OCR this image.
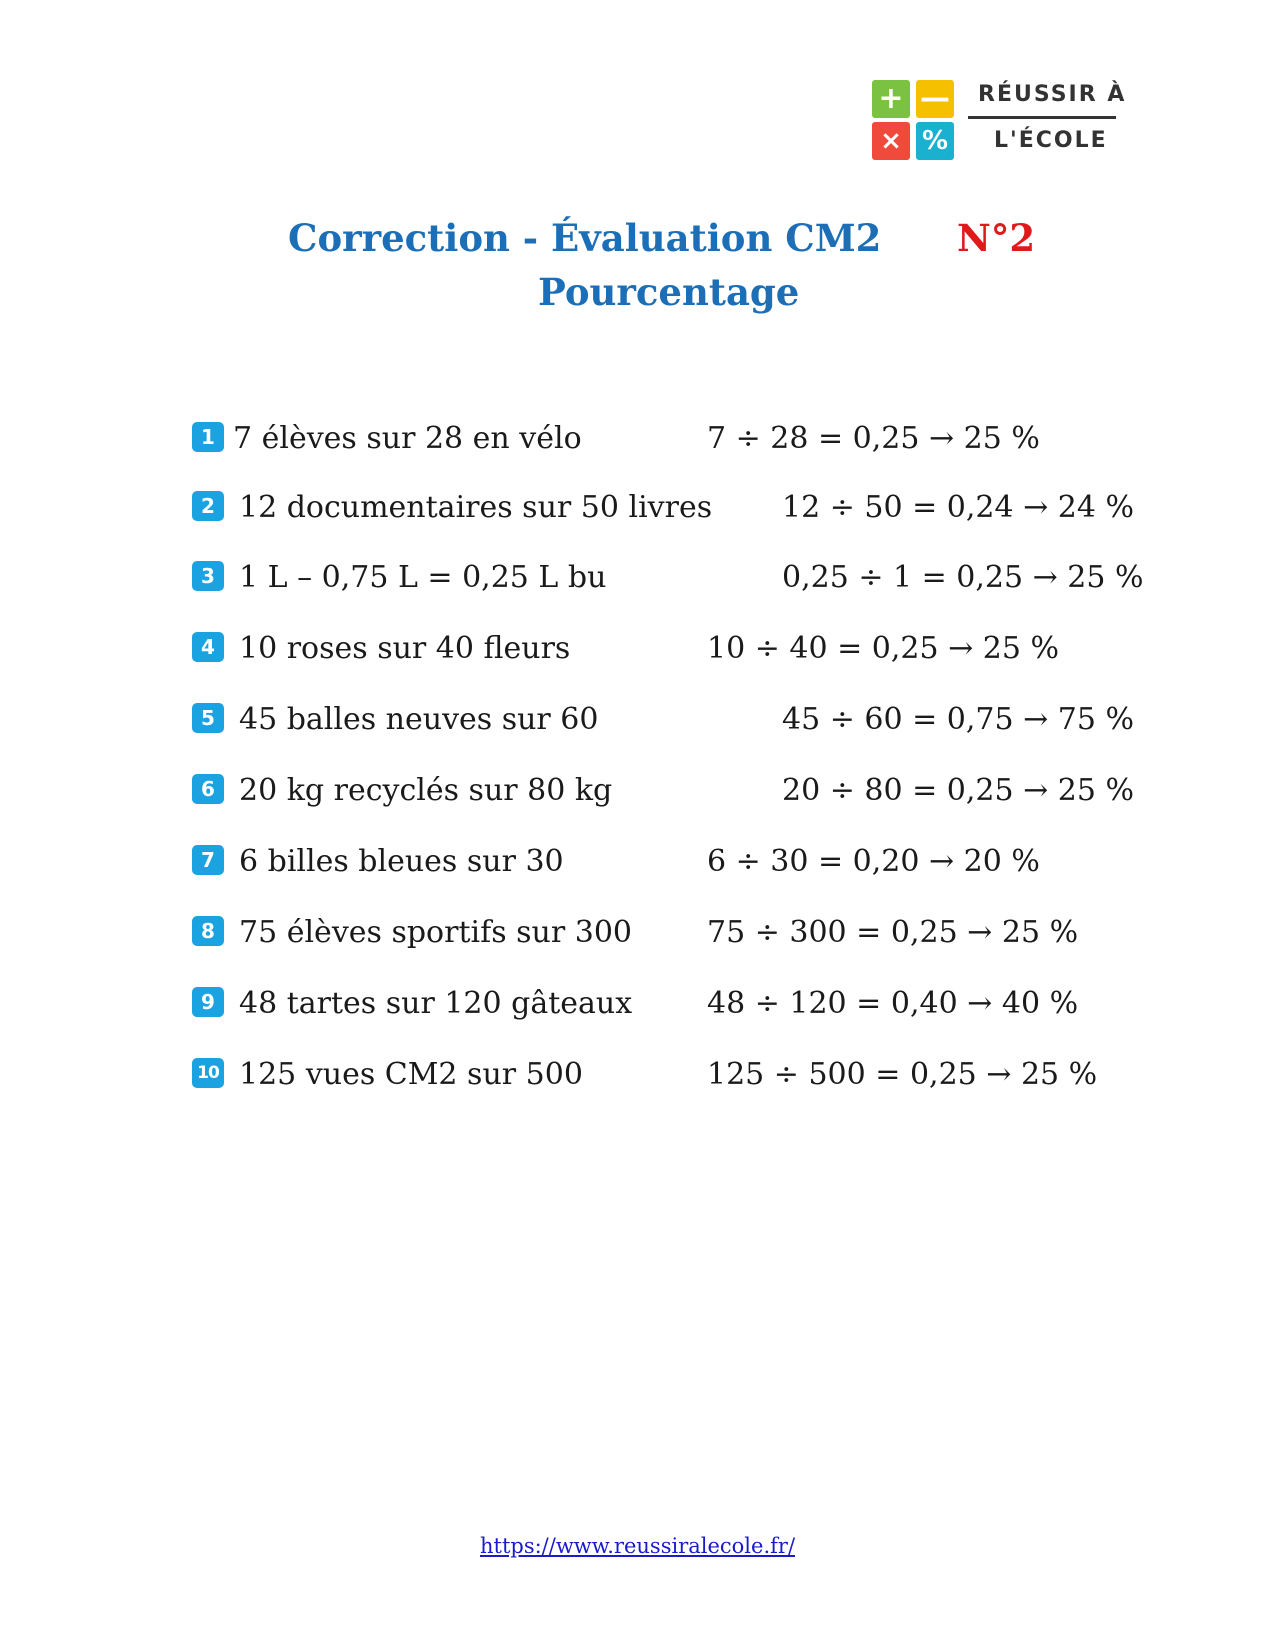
+ —
× %
RÉUSSIR À
L'ÉCOLE
Correction - Évaluation CM2 N°2
Pourcentage
1 7 élèves sur 28 en vélo	7 ÷ 28 = 0,25 → 25 %
2 12 documentaires sur 50 livres 12 ÷ 50 = 0,24 → 24 %
3 1 L – 0,75 L = 0,25 L bu	0,25 ÷ 1 = 0,25 → 25 %
4 10 roses sur 40 fleurs	10 ÷ 40 = 0,25 → 25 %
5 45 balles neuves sur 60	45 ÷ 60 = 0,75 → 75 %
6 20 kg recyclés sur 80 kg	20 ÷ 80 = 0,25 → 25 %
7 6 billes bleues sur 30	6 ÷ 30 = 0,20 → 20 %
8 75 élèves sportifs sur 300	75 ÷ 300 = 0,25 → 25 %
9 48 tartes sur 120 gâteaux 48 ÷ 120 = 0,40 → 40 %
10 125 vues CM2 sur 500	125 ÷ 500 = 0,25 → 25 %
https://www.reussiralecole.fr/
